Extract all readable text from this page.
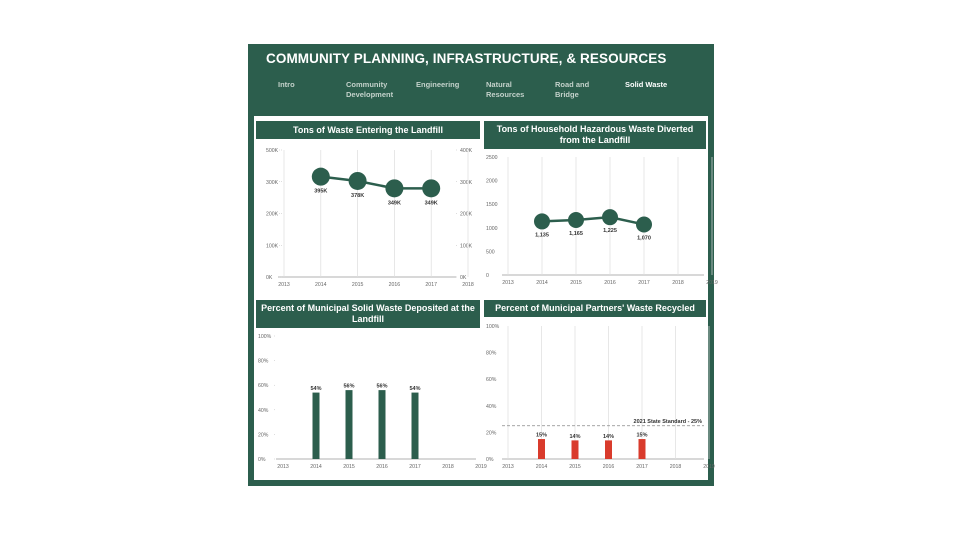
COMMUNITY PLANNING, INFRASTRUCTURE, & RESOURCES
Intro	Community Development
Engineering	Natural Resources
Road and Bridge
Solid Waste
Tons of Waste Entering the Landfill
500K
300K
200K
100K
0K
400K
300K
200K
100K
0K
2013	2014	2015	2016	2017	2018
395K
378K
349K	349K
Tons of Household Hazardous Waste Diverted from the Landfill
2500
2000
1500
1000
500
0
2013	2014	2015	2016	2017	2018	2019
1,135	1,165	1,225
1,070
Percent of Municipal Solid Waste Deposited at the Landfill
100%
80%
60%
40%
20%
0%
2013	2014	2015	2016	2017	2018	2019
54%	56%	56%	54%
Percent of Municipal Partners' Waste Recycled
100%
80%
60%
40%
20%
0%
2013	2014	2015	2016	2017	2018	2019
15%	14%	14%	15%
2021 State Standard - 25%
